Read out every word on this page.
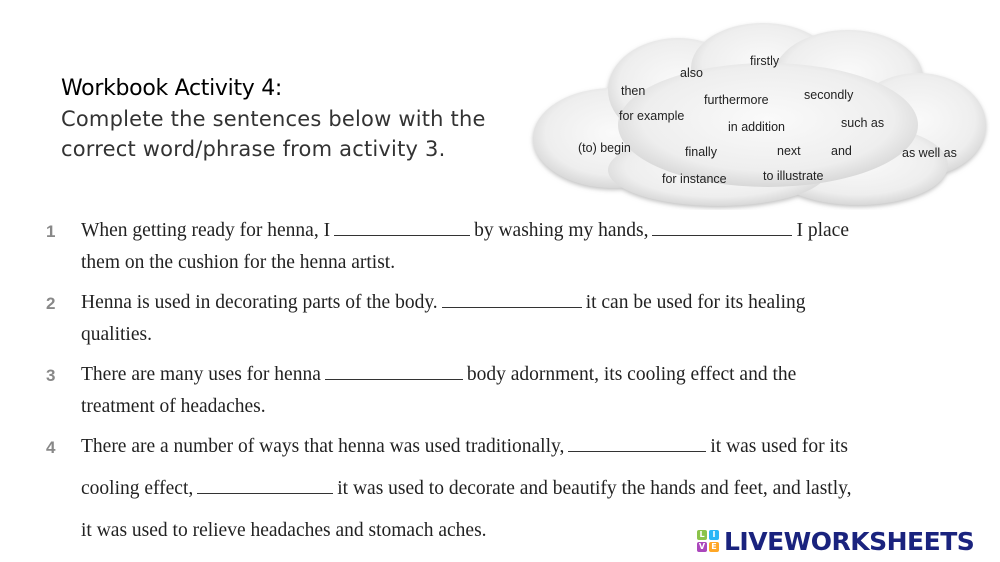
Workbook Activity 4:
Complete the sentences below with the
correct word/phrase from activity 3.
firstly
also
then
furthermore	secondly
for example
in addition	such as
(to) begin	finally	next and	as well as
for instance	to illustrate
1 When getting ready for henna, I	by washing my hands,	I place
them on the cushion for the henna artist.
2 Henna is used in decorating parts of the body.	it can be used for its healing
qualities.
3 There are many uses for henna	body adornment, its cooling effect and the
treatment of headaches.
4 There are a number of ways that henna was used traditionally,	it was used for its
cooling effect,	it was used to decorate and beautify the hands and feet, and lastly,
it was used to relieve headaches and stomach aches.	L I
V E LIVEWORKSHEETS
